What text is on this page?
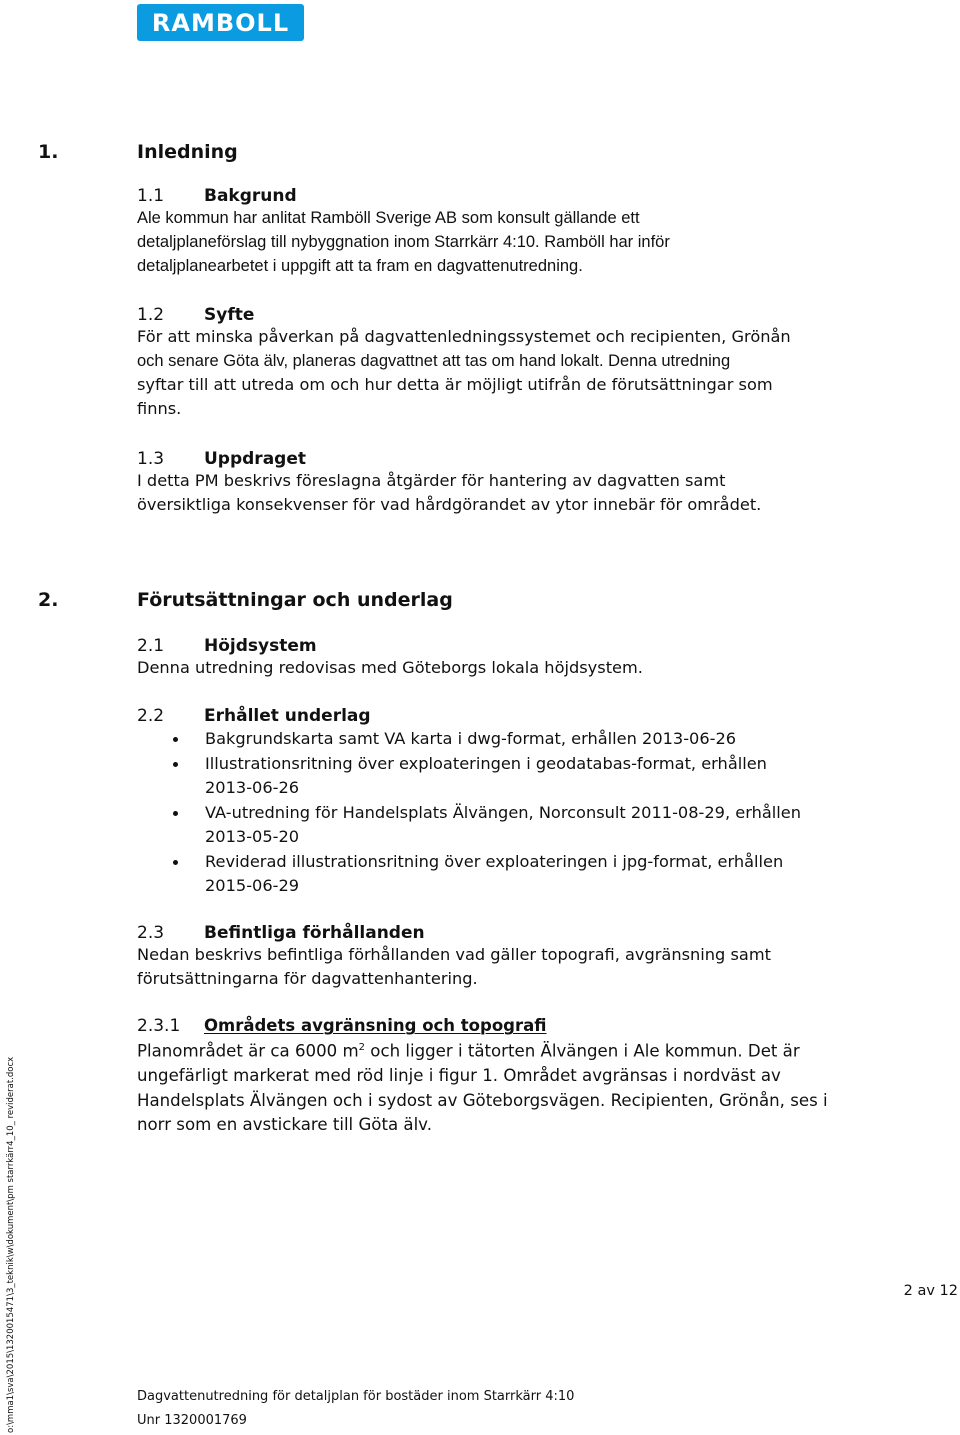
RAMBOLL
1.	Inledning
1.1 Bakgrund
Ale kommun har anlitat Ramböll Sverige AB som konsult gällande ett
detaljplaneförslag till nybyggnation inom Starrkärr 4:10. Ramböll har inför
detaljplanearbetet i uppgift att ta fram en dagvattenutredning.
1.2 Syfte
För att minska påverkan på dagvattenledningssystemet och recipienten, Grönån
och senare Göta älv, planeras dagvattnet att tas om hand lokalt. Denna utredning
syftar till att utreda om och hur detta är möjligt utifrån de förutsättningar som
finns.
1.3 Uppdraget
I detta PM beskrivs föreslagna åtgärder för hantering av dagvatten samt
översiktliga konsekvenser för vad hårdgörandet av ytor innebär för området.
2.	Förutsättningar och underlag
2.1 Höjdsystem
Denna utredning redovisas med Göteborgs lokala höjdsystem.
2.2 Erhållet underlag
Bakgrundskarta samt VA karta i dwg-format, erhållen 2013-06-26
Illustrationsritning över exploateringen i geodatabas-format, erhållen
2013-06-26
VA-utredning för Handelsplats Älvängen, Norconsult 2011-08-29, erhållen
2013-05-20
Reviderad illustrationsritning över exploateringen i jpg-format, erhållen
2015-06-29
2.3 Befintliga förhållanden
Nedan beskrivs befintliga förhållanden vad gäller topografi, avgränsning samt
förutsättningarna för dagvattenhantering.
2.3.1 Områdets avgränsning och topografi
Planområdet är ca 6000 $m^2$ och ligger i tätorten Älvängen i Ale kommun. Det är
ungefärligt markerat med röd linje i figur 1. Området avgränsas i nordväst av
Handelsplats Älvängen och i sydost av Göteborgsvägen. Recipienten, Grönån, ses i
norr som en avstickare till Göta älv.
2 av 12
Dagvattenutredning för detaljplan för bostäder inom Starrkärr 4:10
Unr 1320001769
o:\mma1\sva\2015\1320015471\3_teknik\w\dokument\pm starrkärr4_10_ reviderat.docx
